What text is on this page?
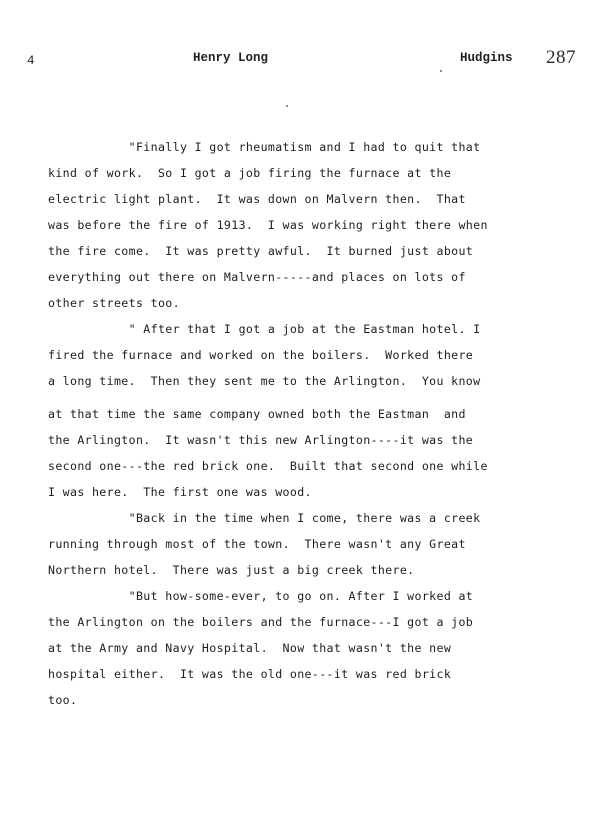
4	Henry Long	Hudgins 287
"Finally I got rheumatism and I had to quit that
kind of work.  So I got a job firing the furnace at the
electric light plant.  It was down on Malvern then.  That
was before the fire of 1913.  I was working right there when
the fire come.  It was pretty awful.  It burned just about
everything out there on Malvern-----and places on lots of
other streets too.
" After that I got a job at the Eastman hotel. I
fired the furnace and worked on the boilers.  Worked there
a long time.  Then they sent me to the Arlington.  You know
at that time the same company owned both the Eastman  and
the Arlington.  It wasn't this new Arlington----it was the
second one---the red brick one.  Built that second one while
I was here.  The first one was wood.
"Back in the time when I come, there was a creek
running through most of the town.  There wasn't any Great
Northern hotel.  There was just a big creek there.
"But how-some-ever, to go on. After I worked at
the Arlington on the boilers and the furnace---I got a job
at the Army and Navy Hospital.  Now that wasn't the new
hospital either.  It was the old one---it was red brick
too.
